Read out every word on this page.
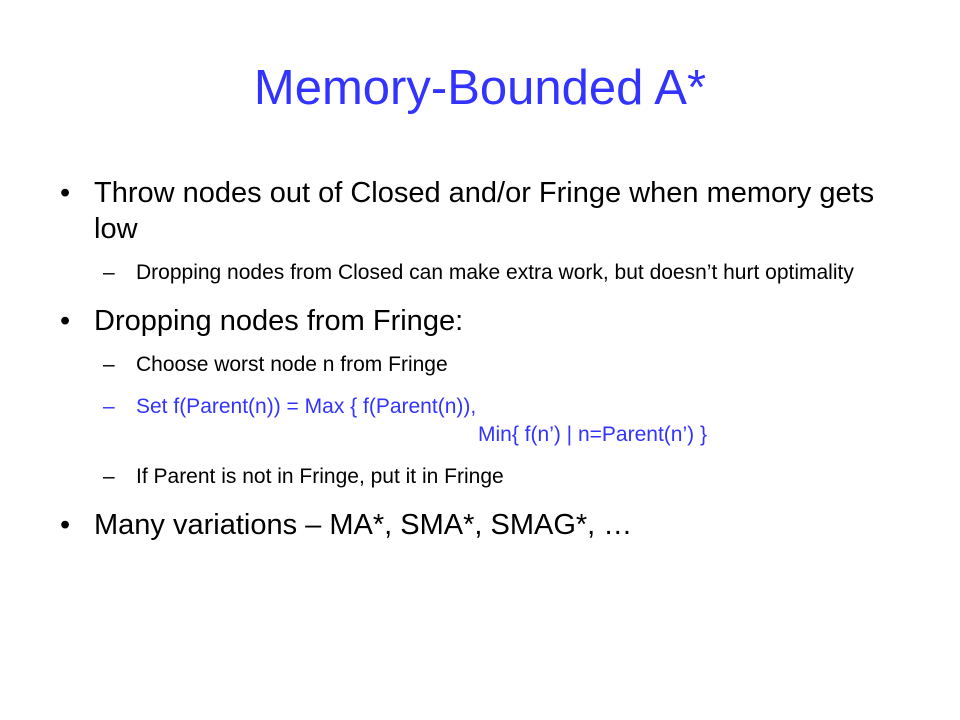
Memory-Bounded A*
• Throw nodes out of Closed and/or Fringe when memory gets low
– Dropping nodes from Closed can make extra work, but doesn’t hurt optimality
• Dropping nodes from Fringe:
– Choose worst node n from Fringe
– Set f(Parent(n)) = Max { f(Parent(n)),
Min{ f(n’) | n=Parent(n’) }
– If Parent is not in Fringe, put it in Fringe
• Many variations – MA*, SMA*, SMAG*, …
